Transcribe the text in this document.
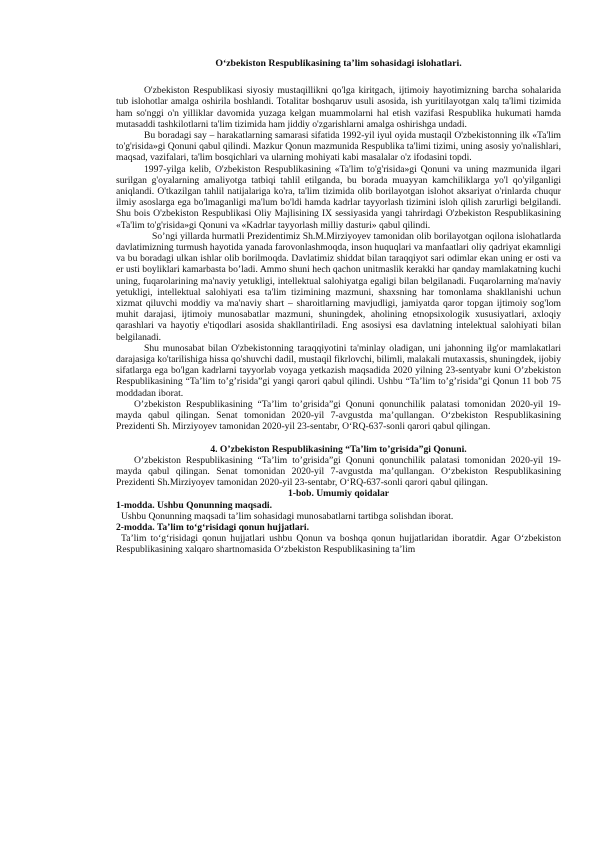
O‘zbekiston Respublikasining ta’lim sohasidagi islohatlari.

O'zbekiston Respublikasi siyosiy mustaqillikni qo'lga kiritgach, ijtimoiy hayotimizning barcha sohalarida tub islohotlar amalga oshirila boshlandi. Totalitar boshqaruv usuli asosida, ish yuritilayotgan xalq ta'limi tizimida ham so'nggi o'n yilliklar davomida yuzaga kelgan muammolarni hal etish vazifasi Respublika hukumati hamda mutasaddi tashkilotlarni ta'lim tizimida ham jiddiy o'zgarishlarni amalga oshirishga undadi.

Bu boradagi say – harakatlarning samarasi sifatida 1992-yil iyul oyida mustaqil O'zbekistonning ilk «Ta'lim to'g'risida»gi Qonuni qabul qilindi. Mazkur Qonun mazmunida Respublika ta'limi tizimi, uning asosiy yo'nalishlari, maqsad, vazifalari, ta'lim bosqichlari va ularning mohiyati kabi masalalar o'z ifodasini topdi.

1997-yilga kelib, O'zbekiston Respublikasining «Ta'lim to'g'risida»gi Qonuni va uning mazmunida ilgari surilgan g'oyalarning amaliyotga tatbiqi tahlil etilganda, bu borada muayyan kamchiliklarga yo'l qo'yilganligi aniqlandi. O'tkazilgan tahlil natijalariga ko'ra, ta'lim tizimida olib borilayotgan islohot aksariyat o'rinlarda chuqur ilmiy asoslarga ega bo'lmaganligi ma'lum bo'ldi hamda kadrlar tayyorlash tizimini isloh qilish zarurligi belgilandi. Shu bois O'zbekiston Respublikasi Oliy Majlisining IX sessiyasida yangi tahrirdagi O'zbekiston Respublikasining «Ta'lim to'g'risida»gi Qonuni va «Kadrlar tayyorlash milliy dasturi» qabul qilindi.

So’ngi yillarda hurmatli Prezidentimiz Sh.M.Mirziyoyev tamonidan olib borilayotgan oqilona islohatlarda davlatimizning turmush hayotida yanada farovonlashmoqda, inson huquqlari va manfaatlari oliy qadriyat ekamnligi va bu boradagi ulkan ishlar olib borilmoqda. Davlatimiz shiddat bilan taraqqiyot sari odimlar ekan uning er osti va er usti boyliklari kamarbasta bo’ladi. Ammo shuni hech qachon unitmaslik kerakki har qanday mamlakatning kuchi uning, fuqarolarining ma'naviy yetukligi, intellektual salohiyatga egaligi bilan belgilanadi. Fuqarolarning ma'naviy yetukligi, intellektual salohiyati esa ta'lim tizimining mazmuni, shaxsning har tomonlama shakllanishi uchun xizmat qiluvchi moddiy va ma'naviy shart – sharoitlarning mavjudligi, jamiyatda qaror topgan ijtimoiy sog'lom muhit darajasi, ijtimoiy munosabatlar mazmuni, shuningdek, aholining etnopsixologik xususiyatlari, axloqiy qarashlari va hayotiy e'tiqodlari asosida shakllantiriladi. Eng asosiysi esa davlatning intelektual salohiyati bilan belgilanadi.

Shu munosabat bilan O'zbekistonning taraqqiyotini ta'minlay oladigan, uni jahonning ilg'or mamlakatlari darajasiga ko'tarilishiga hissa qo'shuvchi dadil, mustaqil fikrlovchi, bilimli, malakali mutaxassis, shuningdek, ijobiy sifatlarga ega bo'lgan kadrlarni tayyorlab voyaga yetkazish maqsadida 2020 yilning 23-sentyabr kuni O’zbekiston Respublikasining “Ta’lim to’g’risida”gi yangi qarori qabul qilindi. Ushbu “Ta’lim to’g’risida”gi Qonun 11 bob 75 moddadan iborat.

O’zbekiston Respublikasining “Ta’lim to’grisida”gi Qonuni qonunchilik palatasi tomonidan 2020-yil 19-mayda qabul qilingan. Senat tomonidan 2020-yil 7-avgustda ma’qullangan. O‘zbekiston Respublikasining Prezidenti Sh. Mirziyoyev tamonidan 2020-yil 23-sentabr, O‘RQ-637-sonli qarori qabul qilingan.

4. O’zbekiston Respublikasining “Ta’lim to’grisida”gi Qonuni.

O’zbekiston Respublikasining “Ta’lim to’grisida”gi Qonuni qonunchilik palatasi tomonidan 2020-yil 19-mayda qabul qilingan. Senat tomonidan 2020-yil 7-avgustda ma’qullangan. O‘zbekiston Respublikasining Prezidenti Sh.Mirziyoyev tamonidan 2020-yil 23-sentabr, O‘RQ-637-sonli qarori qabul qilingan.

1-bob. Umumiy qoidalar
1-modda. Ushbu Qonunning maqsadi.

Ushbu Qonunning maqsadi ta’lim sohasidagi munosabatlarni tartibga solishdan iborat.

2-modda. Ta’lim to‘g‘risidagi qonun hujjatlari.

Ta’lim to‘g‘risidagi qonun hujjatlari ushbu Qonun va boshqa qonun hujjatlaridan iboratdir. Agar O‘zbekiston Respublikasining xalqaro shartnomasida O‘zbekiston Respublikasining ta’lim
